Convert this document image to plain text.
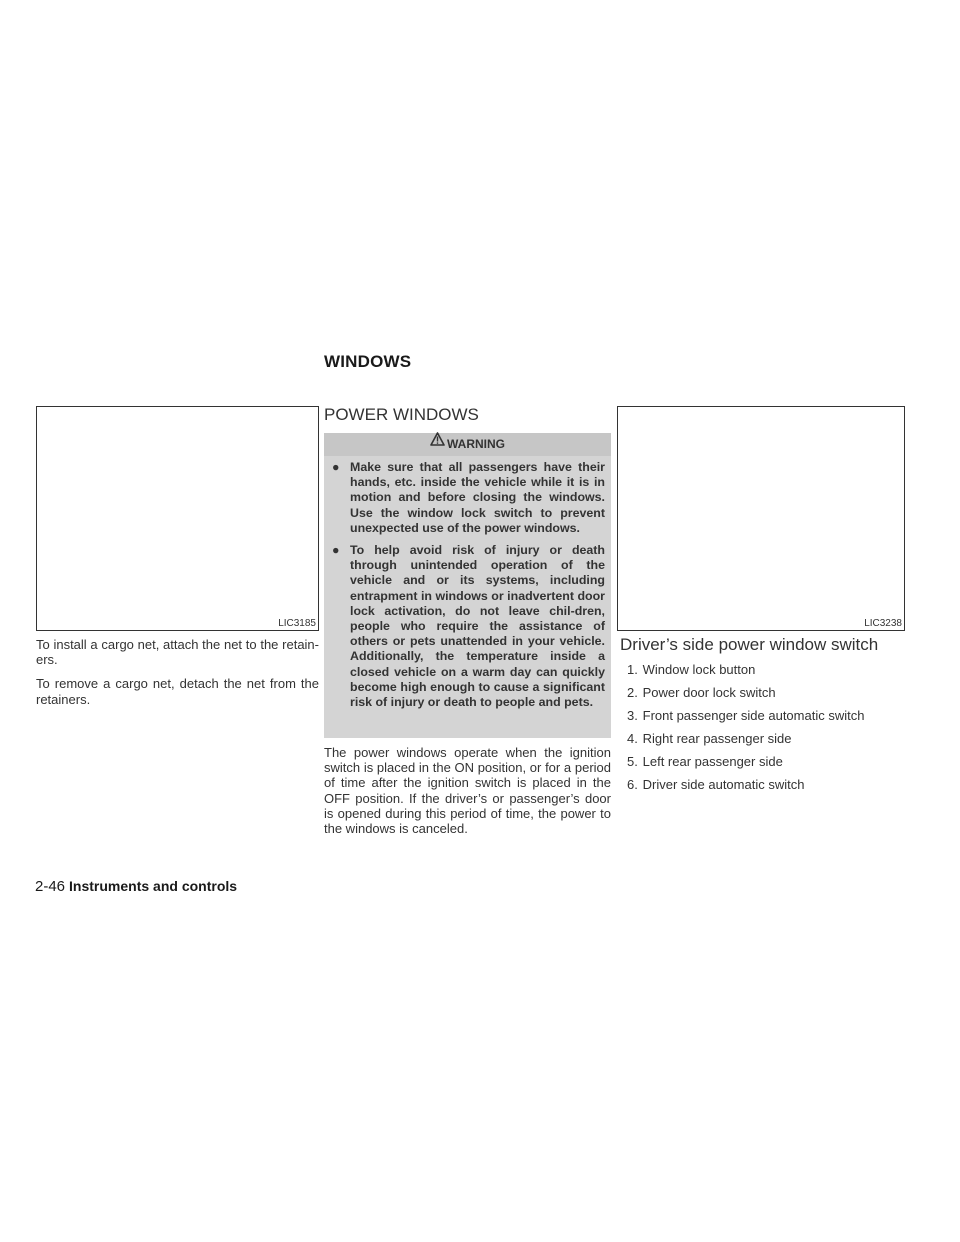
WINDOWS
LIC3185

To install a cargo net, attach the net to the retain-ers.

To remove a cargo net, detach the net from the retainers.

POWER WINDOWS
WARNING
● Make sure that all passengers have their hands, etc. inside the vehicle while it is in motion and before closing the windows. Use the window lock switch to prevent unexpected use of the power windows.
● To help avoid risk of injury or death through unintended operation of the vehicle and or its systems, including entrapment in windows or inadvertent door lock activation, do not leave chil-dren, people who require the assistance of others or pets unattended in your vehicle. Additionally, the temperature inside a closed vehicle on a warm day can quickly become high enough to cause a significant risk of injury or death to people and pets.
The power windows operate when the ignition switch is placed in the ON position, or for a period of time after the ignition switch is placed in the OFF position. If the driver’s or passenger’s door is opened during this period of time, the power to the windows is canceled.
LIC3238
Driver’s side power window switch
1. Window lock button
2. Power door lock switch
3. Front passenger side automatic switch
4. Right rear passenger side
5. Left rear passenger side
6. Driver side automatic switch
2-46 Instruments and controls
